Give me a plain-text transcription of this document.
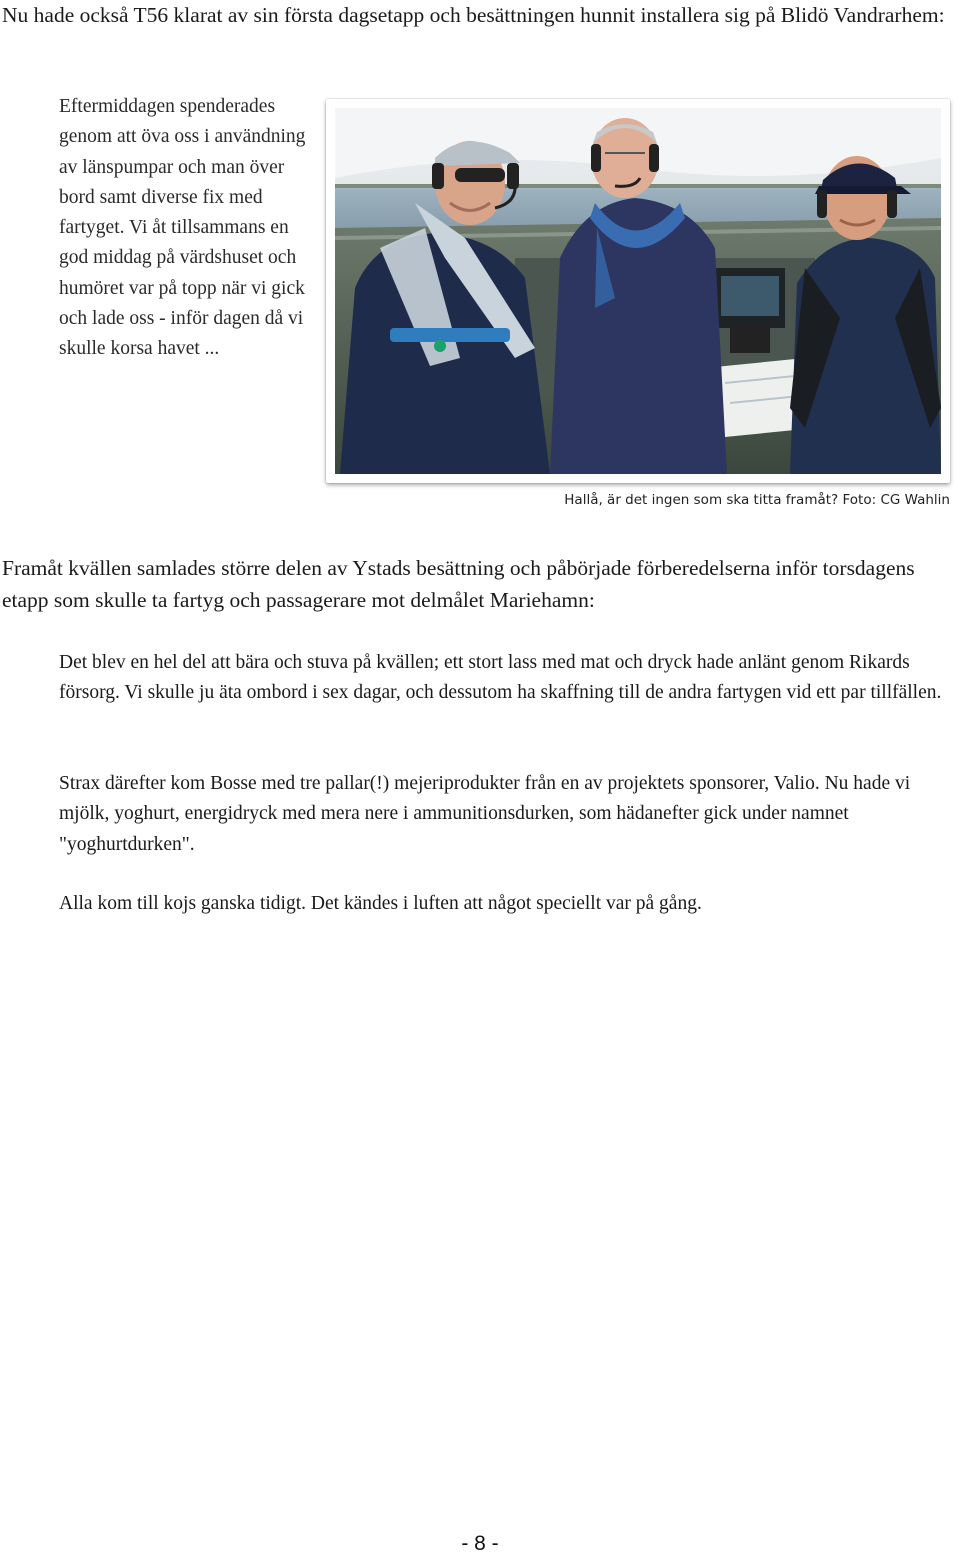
Nu hade också T56 klarat av sin första dagsetapp och besättningen hunnit installera sig på Blidö Vandrarhem:

Eftermiddagen spenderades genom att öva oss i användning av länspumpar och man över bord samt diverse fix med fartyget. Vi åt tillsammans en god middag på värdshuset och humöret var på topp när vi gick och lade oss - inför dagen då vi skulle korsa havet ...

Hallå, är det ingen som ska titta framåt? Foto: CG Wahlin

Framåt kvällen samlades större delen av Ystads besättning och påbörjade förberedelserna inför torsdagens etapp som skulle ta fartyg och passagerare mot delmålet Mariehamn:

Det blev en hel del att bära och stuva på kvällen; ett stort lass med mat och dryck hade anlänt genom Rikards försorg. Vi skulle ju äta ombord i sex dagar, och dessutom ha skaffning till de andra fartygen vid ett par tillfällen.

Strax därefter kom Bosse med tre pallar(!) mejeriprodukter från en av projektets sponsorer, Valio. Nu hade vi mjölk, yoghurt, energidryck med mera nere i ammunitionsdurken, som hädanefter gick under namnet "yoghurtdurken".

Alla kom till kojs ganska tidigt. Det kändes i luften att något speciellt var på gång.

- 8 -
